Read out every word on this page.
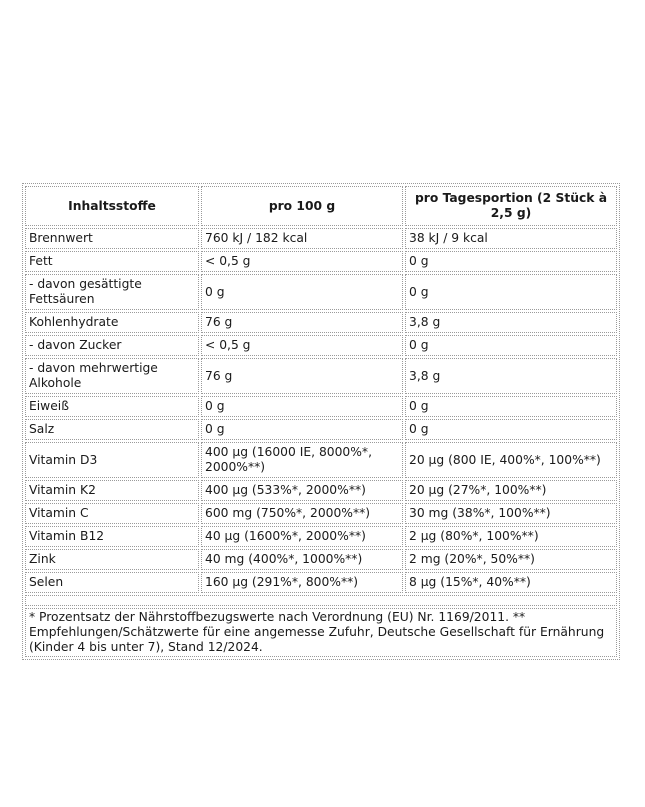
Inhaltsstoffe	pro 100 g	pro Tagesportion (2 Stück à 2,5 g)
Brennwert	760 kJ / 182 kcal	38 kJ / 9 kcal
Fett	< 0,5 g	0 g
- davon gesättigte Fettsäuren	0 g	0 g
Kohlenhydrate	76 g	3,8 g
- davon Zucker	< 0,5 g	0 g
- davon mehrwertige Alkohole	76 g	3,8 g
Eiweiß	0 g	0 g
Salz	0 g	0 g
Vitamin D3	400 µg (16000 IE, 8000%*, 2000%**)	20 µg (800 IE, 400%*, 100%**)
Vitamin K2	400 µg (533%*, 2000%**)	20 µg (27%*, 100%**)
Vitamin C	600 mg (750%*, 2000%**)	30 mg (38%*, 100%**)
Vitamin B12	40 µg (1600%*, 2000%**)	2 µg (80%*, 100%**)
Zink	40 mg (400%*, 1000%**)	2 mg (20%*, 50%**)
Selen	160 µg (291%*, 800%**)	8 µg (15%*, 40%**)

* Prozentsatz der Nährstoffbezugswerte nach Verordnung (EU) Nr. 1169/2011. ** Empfehlungen/Schätzwerte für eine angemesse Zufuhr, Deutsche Gesellschaft für Ernährung (Kinder 4 bis unter 7), Stand 12/2024.		
